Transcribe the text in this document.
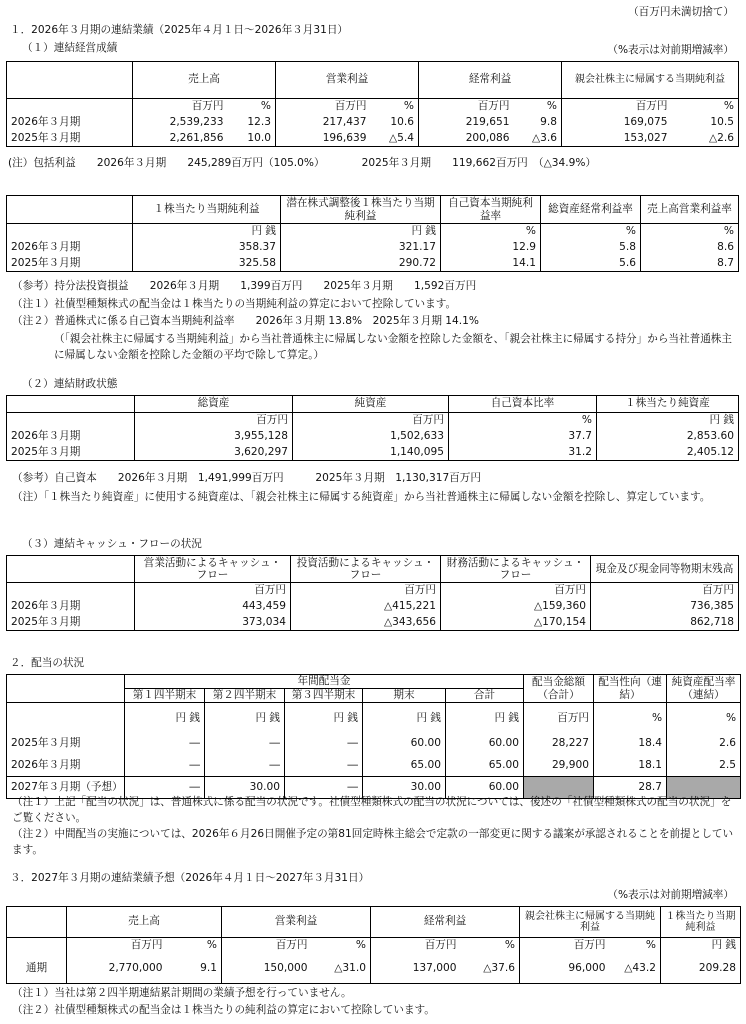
（百万円未満切捨て）
１．2026年３月期の連結業績（2025年４月１日～2026年３月31日）
（１）連結経営成績	（%表示は対前期増減率）
	売上高		営業利益		経常利益		親会社株主に帰属する当期純利益	
	百万円	%	百万円	%	百万円	%	百万円	%
2026年３月期	2,539,233	12.3	217,437	10.6	219,651	9.8	169,075	10.5
2025年３月期	2,261,856	10.0	196,639	△5.4	200,086	△3.6	153,027	△2.6
(注）包括利益　　2026年３月期　　245,289百万円（105.0%）　　　　2025年３月期　　119,662百万円　（△34.9%）
	１株当たり当期純利益	潜在株式調整後１株当たり当期純利益	自己資本当期純利益率	総資産経常利益率	売上高営業利益率
	円 銭	円 銭	%	%	%
2026年３月期	358.37	321.17	12.9	5.8	8.6
2025年３月期	325.58	290.72	14.1	5.6	8.7
（参考）持分法投資損益　　2026年３月期　　1,399百万円　　2025年３月期　　1,592百万円
（注１）社債型種類株式の配当金は１株当たりの当期純利益の算定において控除しています。
（注２）普通株式に係る自己資本当期純利益率　　2026年３月期 13.8%　2025年３月期 14.1%
（「親会社株主に帰属する当期純利益」から当社普通株主に帰属しない金額を控除した金額を、「親会社株主に帰属する持分」から当社普通株主に帰属しない金額を控除した金額の平均で除して算定。）
（２）連結財政状態
	総資産	純資産	自己資本比率	１株当たり純資産
	百万円	百万円	%	円 銭
2026年３月期	3,955,128	1,502,633	37.7	2,853.60
2025年３月期	3,620,297	1,140,095	31.2	2,405.12
（参考）自己資本　　2026年３月期　1,491,999百万円　　　2025年３月期　1,130,317百万円
（注）「１株当たり純資産」に使用する純資産は、「親会社株主に帰属する純資産」から当社普通株主に帰属しない金額を控除し、算定しています。
（３）連結キャッシュ・フローの状況
	営業活動によるキャッシュ・フロー	投資活動によるキャッシュ・フロー	財務活動によるキャッシュ・フロー	現金及び現金同等物期末残高
	百万円	百万円	百万円	百万円
2026年３月期	443,459	△415,221	△159,360	736,385
2025年３月期	373,034	△343,656	△170,154	862,718
２．配当の状況
	年間配当金					配当金総額（合計）	配当性向（連結）	純資産配当率（連結）
	第１四半期末	第２四半期末	第３四半期末	期末	合計			
	円 銭	円 銭	円 銭	円 銭	円 銭	百万円	%	%
2025年３月期	―	―	―	60.00	60.00	28,227	18.4	2.6
2026年３月期	―	―	―	65.00	65.00	29,900	18.1	2.5
2027年３月期（予想）	―	30.00	―	30.00	60.00		28.7	
（注１）上記「配当の状況」は、普通株式に係る配当の状況です。社債型種類株式の配当の状況については、後述の「社債型種類株式の配当の状況」をご覧ください。
（注２）中間配当の実施については、2026年６月26日開催予定の第81回定時株主総会で定款の一部変更に関する議案が承認されることを前提としています。
３．2027年３月期の連結業績予想（2026年４月１日～2027年３月31日）
（%表示は対前期増減率）
	売上高		営業利益		経常利益		親会社株主に帰属する当期純利益		１株当たり当期純利益
	百万円	%	百万円	%	百万円	%	百万円	%	円 銭
通期	2,770,000	9.1	150,000	△31.0	137,000	△37.6	96,000	△43.2	209.28
（注１）当社は第２四半期連結累計期間の業績予想を行っていません。
（注２）社債型種類株式の配当金は１株当たりの純利益の算定において控除しています。
